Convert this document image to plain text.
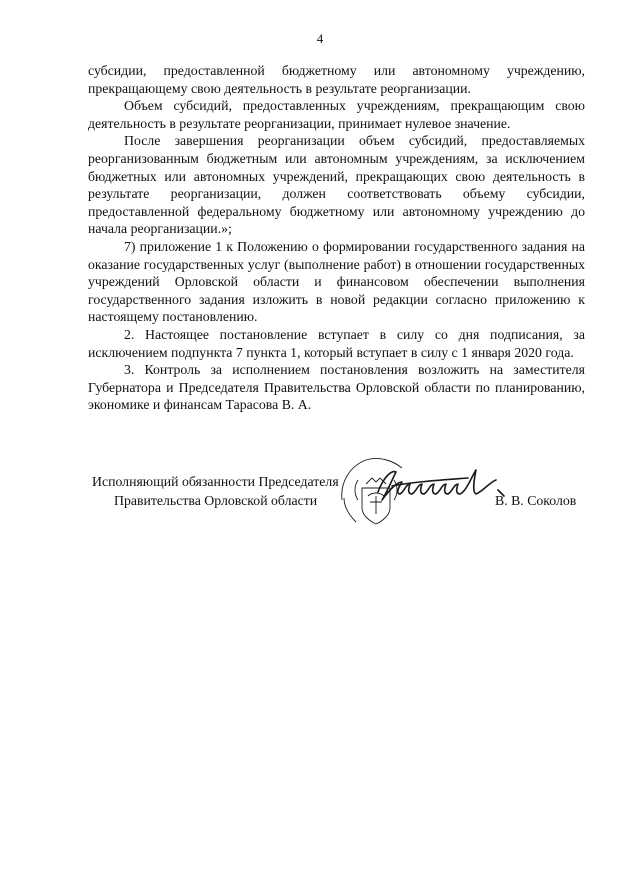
4

субсидии, предоставленной бюджетному или автономному учреждению, прекращающему свою деятельность в результате реорганизации.

Объем субсидий, предоставленных учреждениям, прекращающим свою деятельность в результате реорганизации, принимает нулевое значение.

После завершения реорганизации объем субсидий, предоставляемых реорганизованным бюджетным или автономным учреждениям, за исключением бюджетных или автономных учреждений, прекращающих свою деятельность в результате реорганизации, должен соответствовать объему субсидии, предоставленной федеральному бюджетному или автономному учреждению до начала реорганизации.»;

7) приложение 1 к Положению о формировании государственного задания на оказание государственных услуг (выполнение работ) в отношении государственных учреждений Орловской области и финансовом обеспечении выполнения государственного задания изложить в новой редакции согласно приложению к настоящему постановлению.

2. Настоящее постановление вступает в силу со дня подписания, за исключением подпункта 7 пункта 1, который вступает в силу с 1 января 2020 года.

3. Контроль за исполнением постановления возложить на заместителя Губернатора и Председателя Правительства Орловской области по планированию, экономике и финансам Тарасова В. А.

Исполняющий обязанности Председателя
Правительства Орловской области	В. В. Соколов
